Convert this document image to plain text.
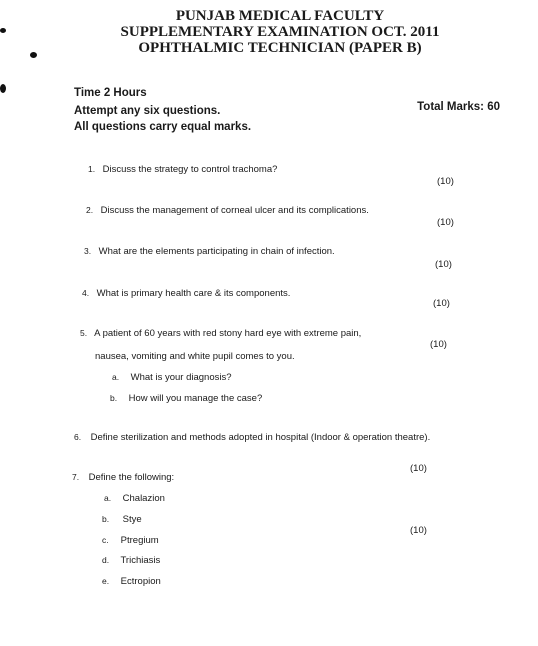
PUNJAB MEDICAL FACULTY
SUPPLEMENTARY EXAMINATION OCT. 2011
OPHTHALMIC TECHNICIAN (PAPER B)
Time 2 Hours
Attempt any six questions.
All questions carry equal marks.
Total Marks: 60
1. Discuss the strategy to control trachoma?
(10)
2. Discuss the management of corneal ulcer and its complications.
(10)
3. What are the elements participating in chain of infection.
(10)
4. What is primary health care & its components.
(10)
5. A patient of 60 years with red stony hard eye with extreme pain,
(10)
nausea, vomiting and white pupil comes to you.
a. What is your diagnosis?
b. How will you manage the case?
6. Define sterilization and methods adopted in hospital (Indoor & operation theatre).
(10)
7. Define the following:
(10)
a. Chalazion
b. Stye
c. Ptregium
d. Trichiasis
e. Ectropion
